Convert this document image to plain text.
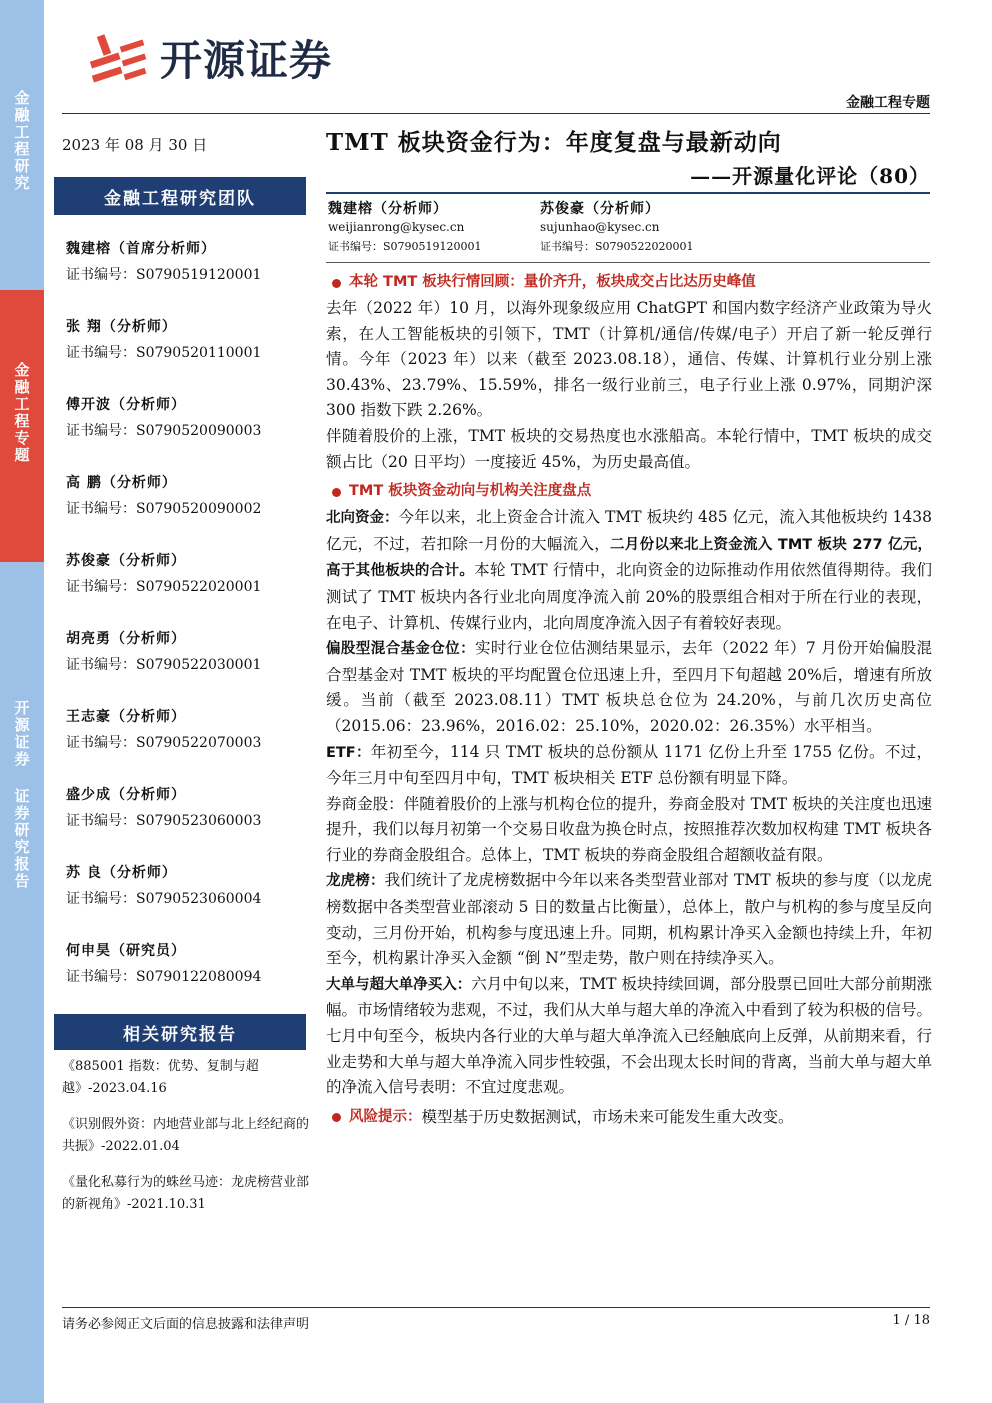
金融工程研究
金融工程专题
开源证券 证券研究报告
开源证券
金融工程专题
2023 年 08 月 30 日
金融工程研究团队
魏建榕（首席分析师）
证书编号：S0790519120001
张 翔（分析师）
证书编号：S0790520110001
傅开波（分析师）
证书编号：S0790520090003
高 鹏（分析师）
证书编号：S0790520090002
苏俊豪（分析师）
证书编号：S0790522020001
胡亮勇（分析师）
证书编号：S0790522030001
王志豪（分析师）
证书编号：S0790522070003
盛少成（分析师）
证书编号：S0790523060003
苏 良（分析师）
证书编号：S0790523060004
何申昊（研究员）
证书编号：S0790122080094
相关研究报告
《885001 指数：优势、复制与超越》-2023.04.16
《识别假外资：内地营业部与北上经纪商的共振》-2022.01.04
《量化私募行为的蛛丝马迹：龙虎榜营业部的新视角》-2021.10.31
TMT 板块资金行为：年度复盘与最新动向
——开源量化评论（80）
魏建榕（分析师）
weijianrong@kysec.cn
证书编号：S0790519120001
苏俊豪（分析师）
sujunhao@kysec.cn
证书编号：S0790522020001
本轮 TMT 板块行情回顾：量价齐升，板块成交占比达历史峰值
去年（2022 年）10 月，以海外现象级应用 ChatGPT 和国内数字经济产业政策为导火索，在人工智能板块的引领下，TMT（计算机/通信/传媒/电子）开启了新一轮反弹行情。今年（2023 年）以来（截至 2023.08.18），通信、传媒、计算机行业分别上涨 30.43%、23.79%、15.59%，排名一级行业前三，电子行业上涨 0.97%，同期沪深 300 指数下跌 2.26%。
伴随着股价的上涨，TMT 板块的交易热度也水涨船高。本轮行情中，TMT 板块的成交额占比（20 日平均）一度接近 45%，为历史最高值。
TMT 板块资金动向与机构关注度盘点
北向资金：今年以来，北上资金合计流入 TMT 板块约 485 亿元，流入其他板块约 1438 亿元，不过，若扣除一月份的大幅流入，二月份以来北上资金流入 TMT 板块 277 亿元，高于其他板块的合计。本轮 TMT 行情中，北向资金的边际推动作用依然值得期待。我们测试了 TMT 板块内各行业北向周度净流入前 20%的股票组合相对于所在行业的表现，在电子、计算机、传媒行业内，北向周度净流入因子有着较好表现。
偏股型混合基金仓位：实时行业仓位估测结果显示，去年（2022 年）7 月份开始偏股混合型基金对 TMT 板块的平均配置仓位迅速上升，至四月下旬超越 20%后，增速有所放缓。当前（截至 2023.08.11）TMT 板块总仓位为 24.20%，与前几次历史高位（2015.06：23.96%，2016.02：25.10%，2020.02：26.35%）水平相当。
ETF：年初至今，114 只 TMT 板块的总份额从 1171 亿份上升至 1755 亿份。不过，今年三月中旬至四月中旬，TMT 板块相关 ETF 总份额有明显下降。
券商金股：伴随着股价的上涨与机构仓位的提升，券商金股对 TMT 板块的关注度也迅速提升，我们以每月初第一个交易日收盘为换仓时点，按照推荐次数加权构建 TMT 板块各行业的券商金股组合。总体上，TMT 板块的券商金股组合超额收益有限。
龙虎榜：我们统计了龙虎榜数据中今年以来各类型营业部对 TMT 板块的参与度（以龙虎榜数据中各类型营业部滚动 5 日的数量占比衡量），总体上，散户与机构的参与度呈反向变动，三月份开始，机构参与度迅速上升。同期，机构累计净买入金额也持续上升，年初至今，机构累计净买入金额 “倒 N”型走势，散户则在持续净买入。
大单与超大单净买入：六月中旬以来，TMT 板块持续回调，部分股票已回吐大部分前期涨幅。市场情绪较为悲观，不过，我们从大单与超大单的净流入中看到了较为积极的信号。七月中旬至今，板块内各行业的大单与超大单净流入已经触底向上反弹，从前期来看，行业走势和大单与超大单净流入同步性较强，不会出现太长时间的背离，当前大单与超大单的净流入信号表明：不宜过度悲观。
风险提示： 模型基于历史数据测试，市场未来可能发生重大改变。
请务必参阅正文后面的信息披露和法律声明	1 / 18
